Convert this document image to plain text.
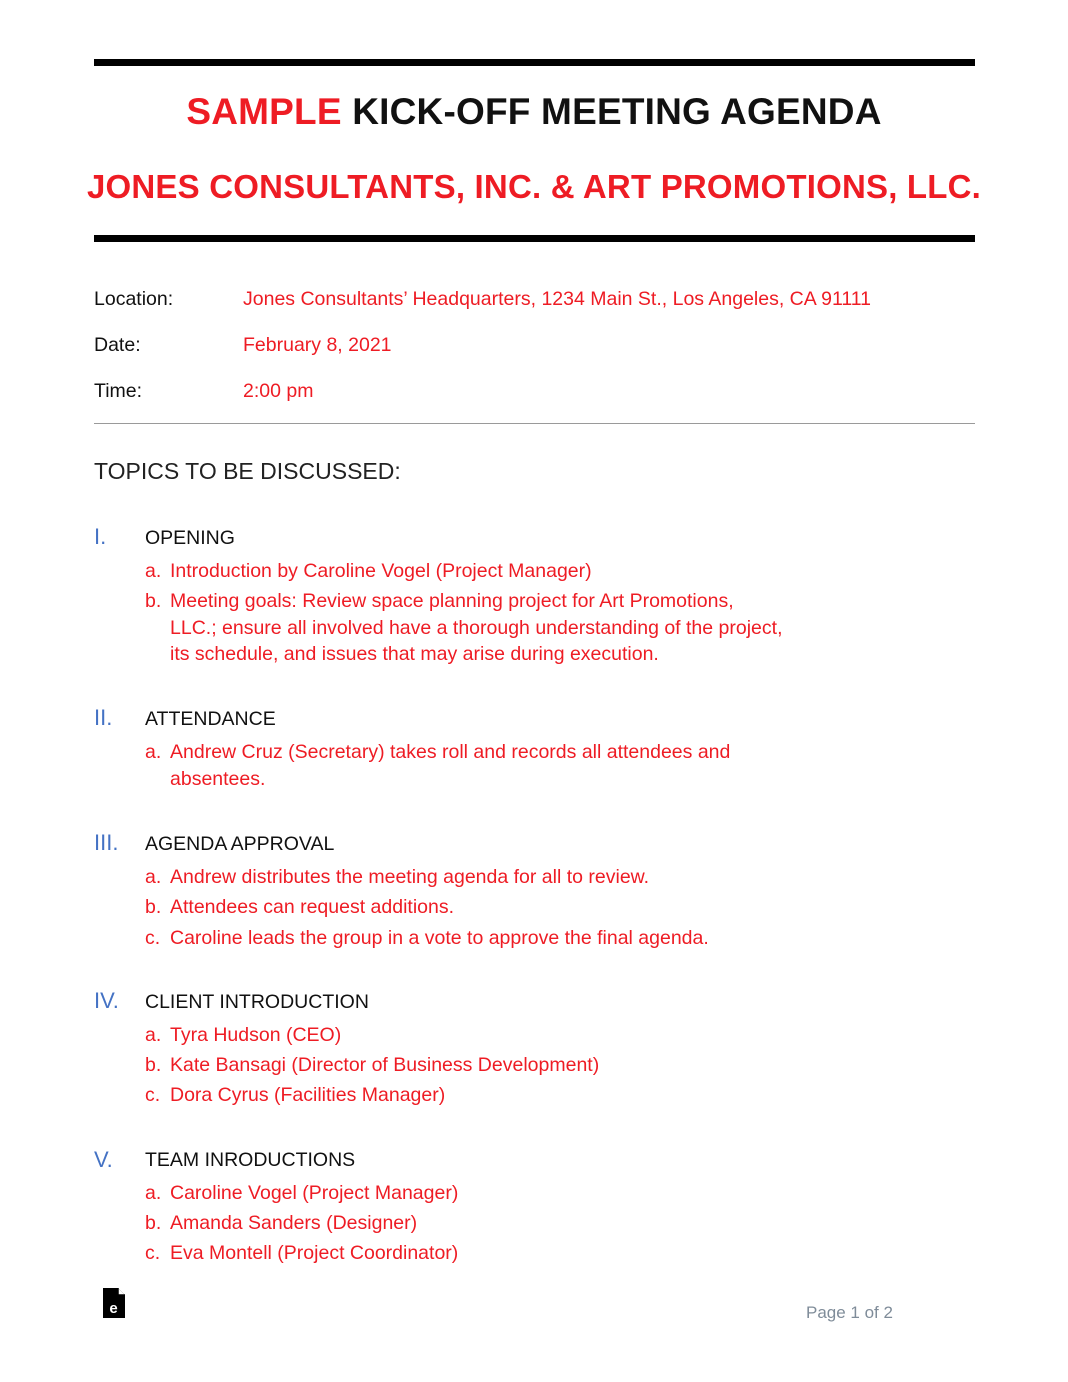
SAMPLE KICK-OFF MEETING AGENDA
JONES CONSULTANTS, INC. & ART PROMOTIONS, LLC.
Location:	Jones Consultants’ Headquarters, 1234 Main St., Los Angeles, CA 91111
Date:	February 8, 2021
Time:	2:00 pm
TOPICS TO BE DISCUSSED:
I. OPENING
a. Introduction by Caroline Vogel (Project Manager)
b. Meeting goals: Review space planning project for Art Promotions, LLC.; ensure all involved have a thorough understanding of the project, its schedule, and issues that may arise during execution.
II. ATTENDANCE
a. Andrew Cruz (Secretary) takes roll and records all attendees and absentees.
III. AGENDA APPROVAL
a. Andrew distributes the meeting agenda for all to review.
b. Attendees can request additions.
c. Caroline leads the group in a vote to approve the final agenda.
IV. CLIENT INTRODUCTION
a. Tyra Hudson (CEO)
b. Kate Bansagi (Director of Business Development)
c. Dora Cyrus (Facilities Manager)
V. TEAM INRODUCTIONS
a. Caroline Vogel (Project Manager)
b. Amanda Sanders (Designer)
c. Eva Montell (Project Coordinator)
e	Page 1 of 2
